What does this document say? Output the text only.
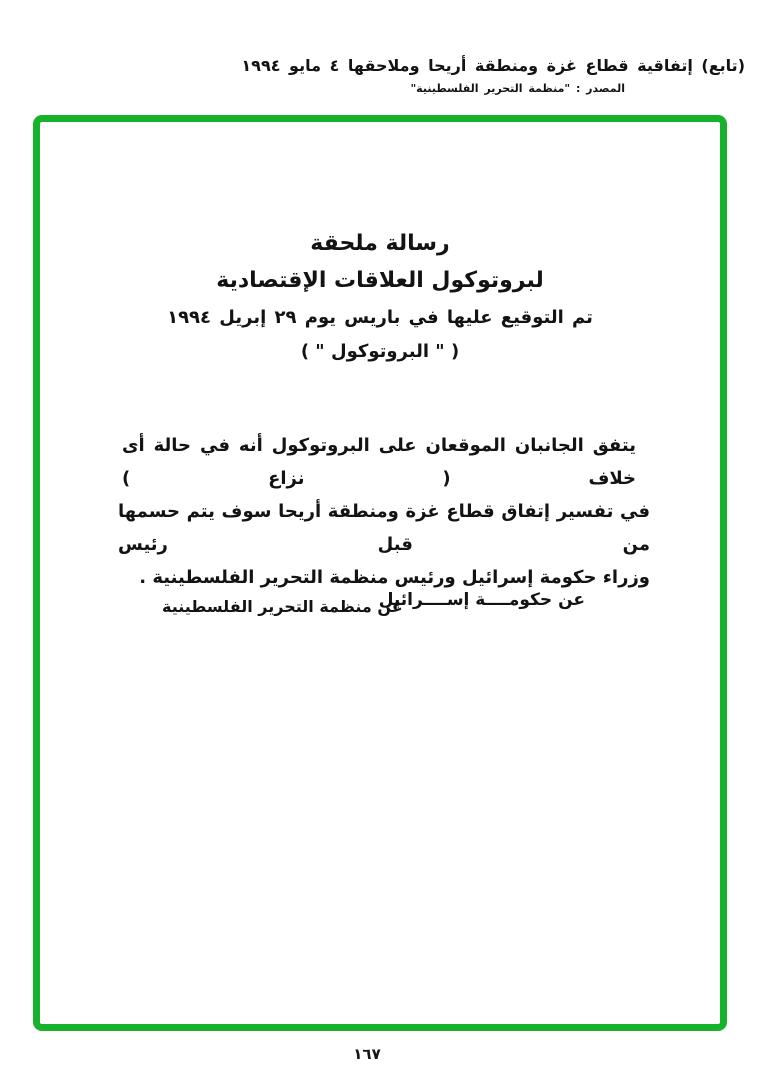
(تابع) إتفاقية قطاع غزة ومنطقة أريحا وملاحقها ٤ مايو ١٩٩٤
المصدر : "منظمة التحرير الفلسطينية"
رسالة ملحقة
لبروتوكول العلاقات الإقتصادية
تم التوقيع عليها في باريس يوم ٢٩ إبريل ١٩٩٤
( " البروتوكول " )
يتفق الجانبان الموقعان على البروتوكول أنه في حالة أى خلاف ( نزاع )
في تفسير إتفاق قطاع غزة ومنطقة أريحا سوف يتم حسمها من قبل رئيس
وزراء حكومة إسرائيل ورئيس منظمة التحرير الفلسطينية .
عن حكومــــة إســــرائيل
عن منظمة التحرير الفلسطينية
١٦٧
